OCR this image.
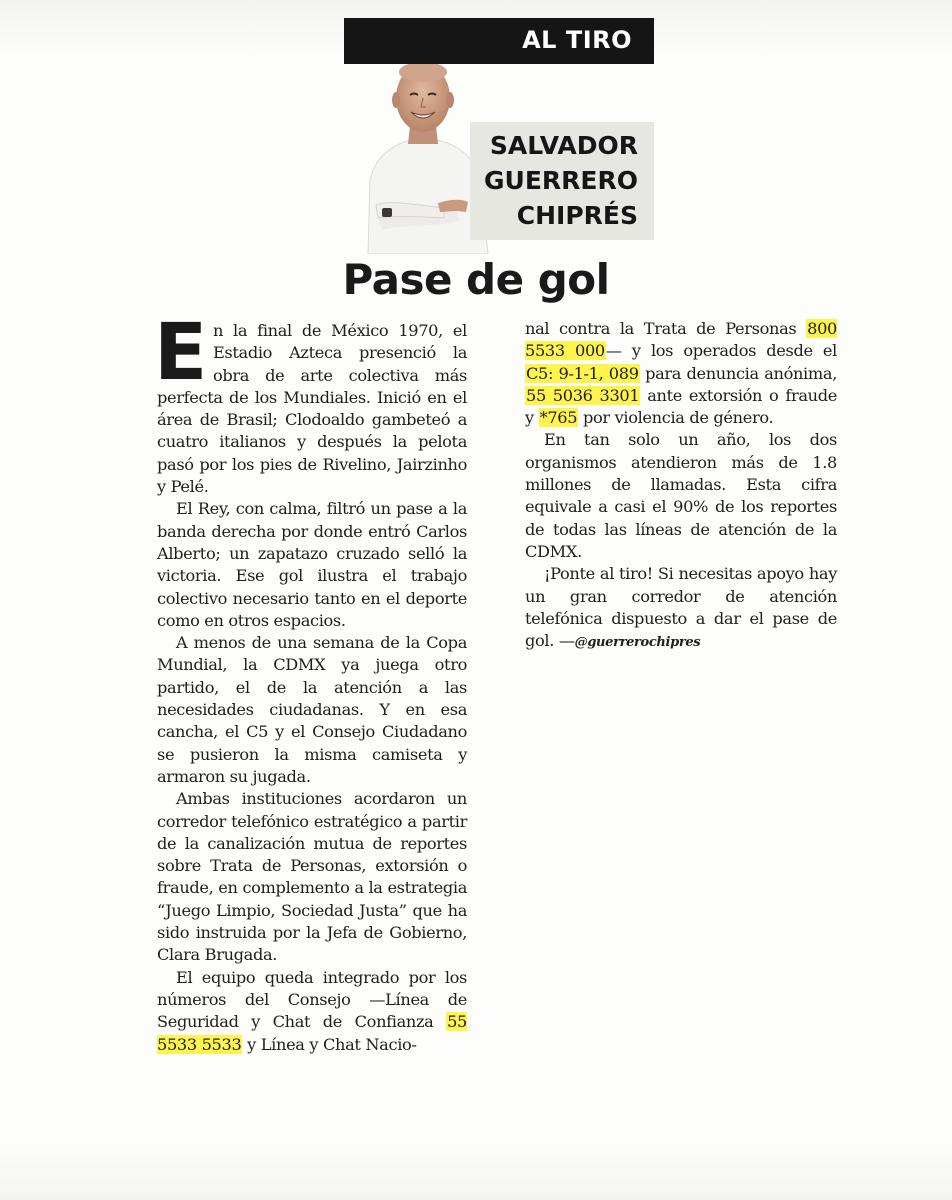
AL TIRO
SALVADOR
GUERRERO
CHIPRÉS
Pase de gol

En la final de México 1970, el Estadio Azteca presenció la obra de arte colectiva más perfecta de los Mundiales. Inició en el área de Brasil; Clodoaldo gambeteó a cuatro italianos y después la pelota pasó por los pies de Rivelino, Jairzinho y Pelé.

El Rey, con calma, filtró un pase a la banda derecha por donde entró Carlos Alberto; un zapatazo cruzado selló la victoria. Ese gol ilustra el trabajo colectivo necesario tanto en el deporte como en otros espacios.

A menos de una semana de la Copa Mundial, la CDMX ya juega otro partido, el de la atención a las necesidades ciudadanas. Y en esa cancha, el C5 y el Consejo Ciudadano se pusieron la misma camiseta y armaron su jugada.

Ambas instituciones acordaron un corredor telefónico estratégico a partir de la canalización mutua de reportes sobre Trata de Personas, extorsión o fraude, en complemento a la estrategia “Juego Limpio, Sociedad Justa” que ha sido instruida por la Jefa de Gobierno, Clara Brugada.

El equipo queda integrado por los números del Consejo —Línea de Seguridad y Chat de Confianza 55 5533 5533 y Línea y Chat Nacio-

nal contra la Trata de Personas 800 5533 000— y los operados desde el C5: 9-1-1, 089 para denuncia anónima, 55 5036 3301 ante extorsión o fraude y *765 por violencia de género.

En tan solo un año, los dos organismos atendieron más de 1.8 millones de llamadas. Esta cifra equivale a casi el 90% de los reportes de todas las líneas de atención de la CDMX.

¡Ponte al tiro! Si necesitas apoyo hay un gran corredor de atención telefónica dispuesto a dar el pase de gol. —@guerrerochipres
